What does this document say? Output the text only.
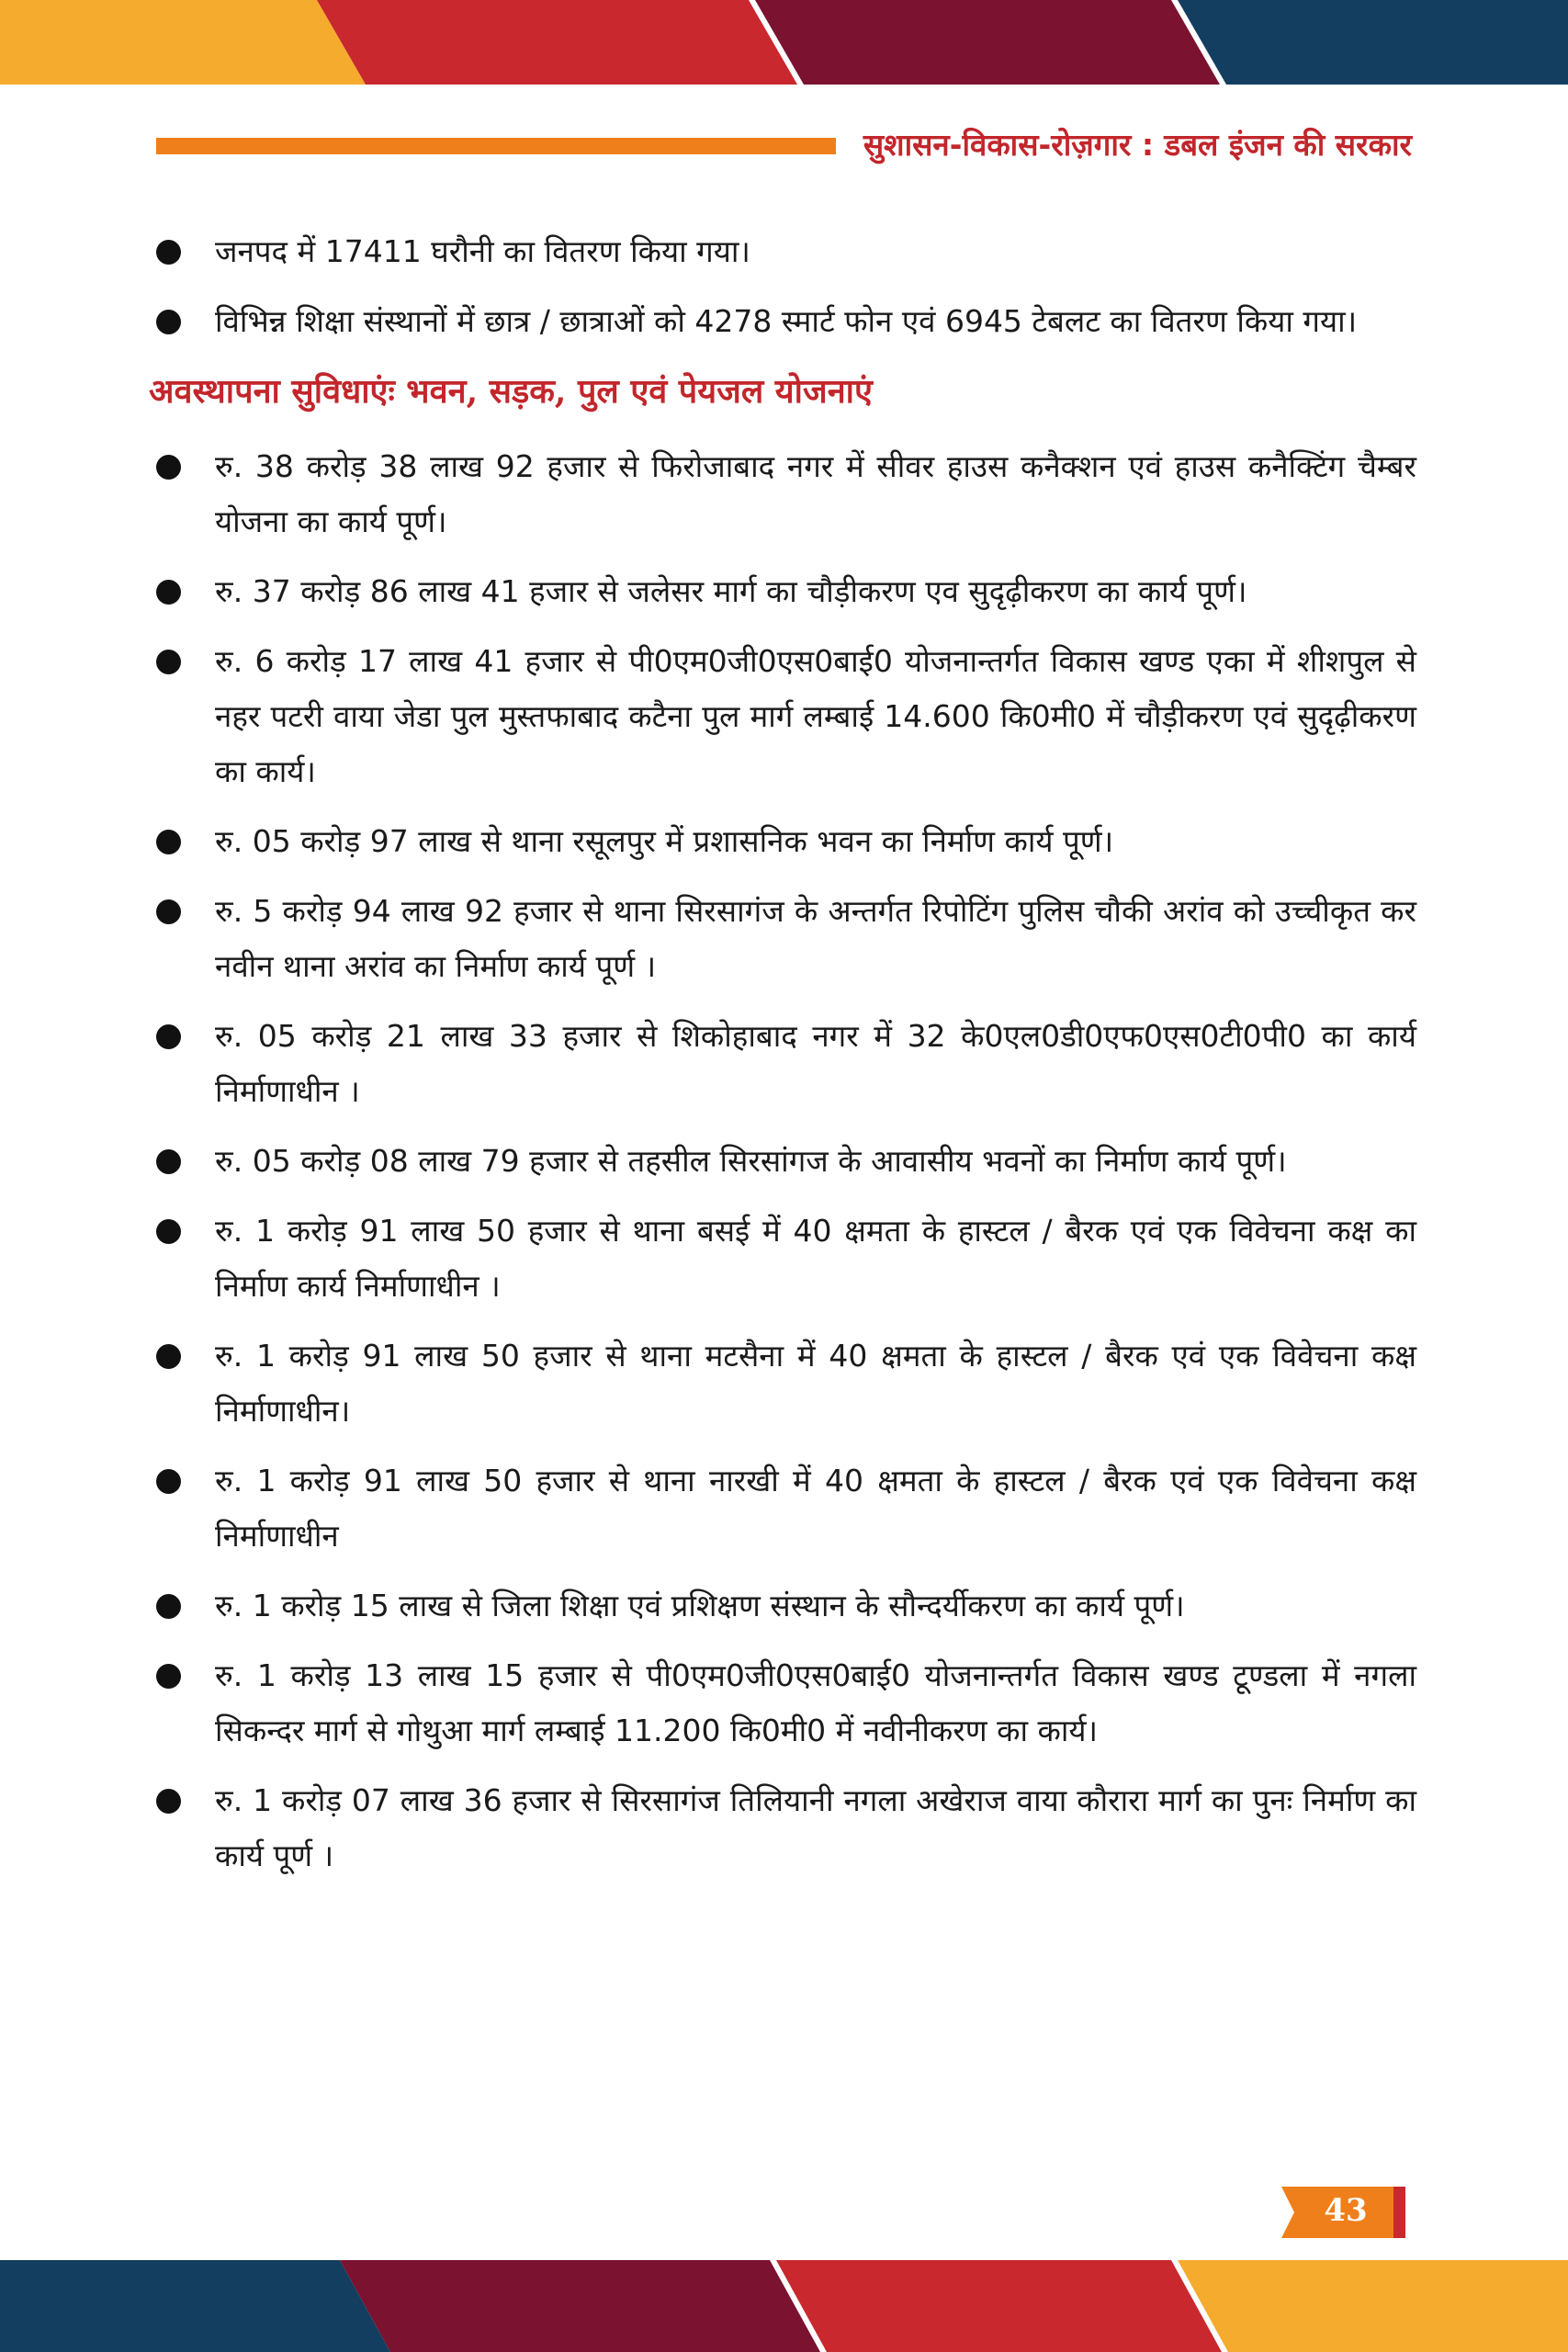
सुशासन-विकास-रोज़गार : डबल इंजन की सरकार
जनपद में 17411 घरौनी का वितरण किया गया।
विभिन्न शिक्षा संस्थानों में छात्र / छात्राओं को 4278 स्मार्ट फोन एवं 6945 टेबलट का वितरण किया गया।
अवस्थापना सुविधाएंः भवन, सड़क, पुल एवं पेयजल योजनाएं
रु. 38 करोड़ 38 लाख 92 हजार से फिरोजाबाद नगर में सीवर हाउस कनैक्शन एवं हाउस कनैक्टिंग चैम्बर योजना का कार्य पूर्ण।
रु. 37 करोड़ 86 लाख 41 हजार से जलेसर मार्ग का चौड़ीकरण एव सुदृढ़ीकरण का कार्य पूर्ण।
रु. 6 करोड़ 17 लाख 41 हजार से पी0एम0जी0एस0बाई0 योजनान्तर्गत विकास खण्ड एका में शीशपुल से नहर पटरी वाया जेडा पुल मुस्तफाबाद कटैना पुल मार्ग लम्बाई 14.600 कि0मी0 में चौड़ीकरण एवं सुदृढ़ीकरण का कार्य।
रु. 05 करोड़ 97 लाख से थाना रसूलपुर में प्रशासनिक भवन का निर्माण कार्य पूर्ण।
रु. 5 करोड़ 94 लाख 92 हजार से थाना सिरसागंज के अन्तर्गत रिपोटिंग पुलिस चौकी अरांव को उच्चीकृत कर नवीन थाना अरांव का निर्माण कार्य पूर्ण ।
रु. 05 करोड़ 21 लाख 33 हजार से शिकोहाबाद नगर में 32 के0एल0डी0एफ0एस0टी0पी0 का कार्य निर्माणाधीन ।
रु. 05 करोड़ 08 लाख 79 हजार से तहसील सिरसांगज के आवासीय भवनों का निर्माण कार्य पूर्ण।
रु. 1 करोड़ 91 लाख 50 हजार से थाना बसई में 40 क्षमता के हास्टल / बैरक एवं एक विवेचना कक्ष का निर्माण कार्य निर्माणाधीन ।
रु. 1 करोड़ 91 लाख 50 हजार से थाना मटसैना में 40 क्षमता के हास्टल / बैरक एवं एक विवेचना कक्ष निर्माणाधीन।
रु. 1 करोड़ 91 लाख 50 हजार से थाना नारखी में 40 क्षमता के हास्टल / बैरक एवं एक विवेचना कक्ष निर्माणाधीन
रु. 1 करोड़ 15 लाख से जिला शिक्षा एवं प्रशिक्षण संस्थान के सौन्दर्यीकरण का कार्य पूर्ण।
रु. 1 करोड़ 13 लाख 15 हजार से पी0एम0जी0एस0बाई0 योजनान्तर्गत विकास खण्ड टूण्डला में नगला सिकन्दर मार्ग से गोथुआ मार्ग लम्बाई 11.200 कि0मी0 में नवीनीकरण का कार्य।
रु. 1 करोड़ 07 लाख 36 हजार से सिरसागंज तिलियानी नगला अखेराज वाया कौरारा मार्ग का पुनः निर्माण का कार्य पूर्ण ।
43
